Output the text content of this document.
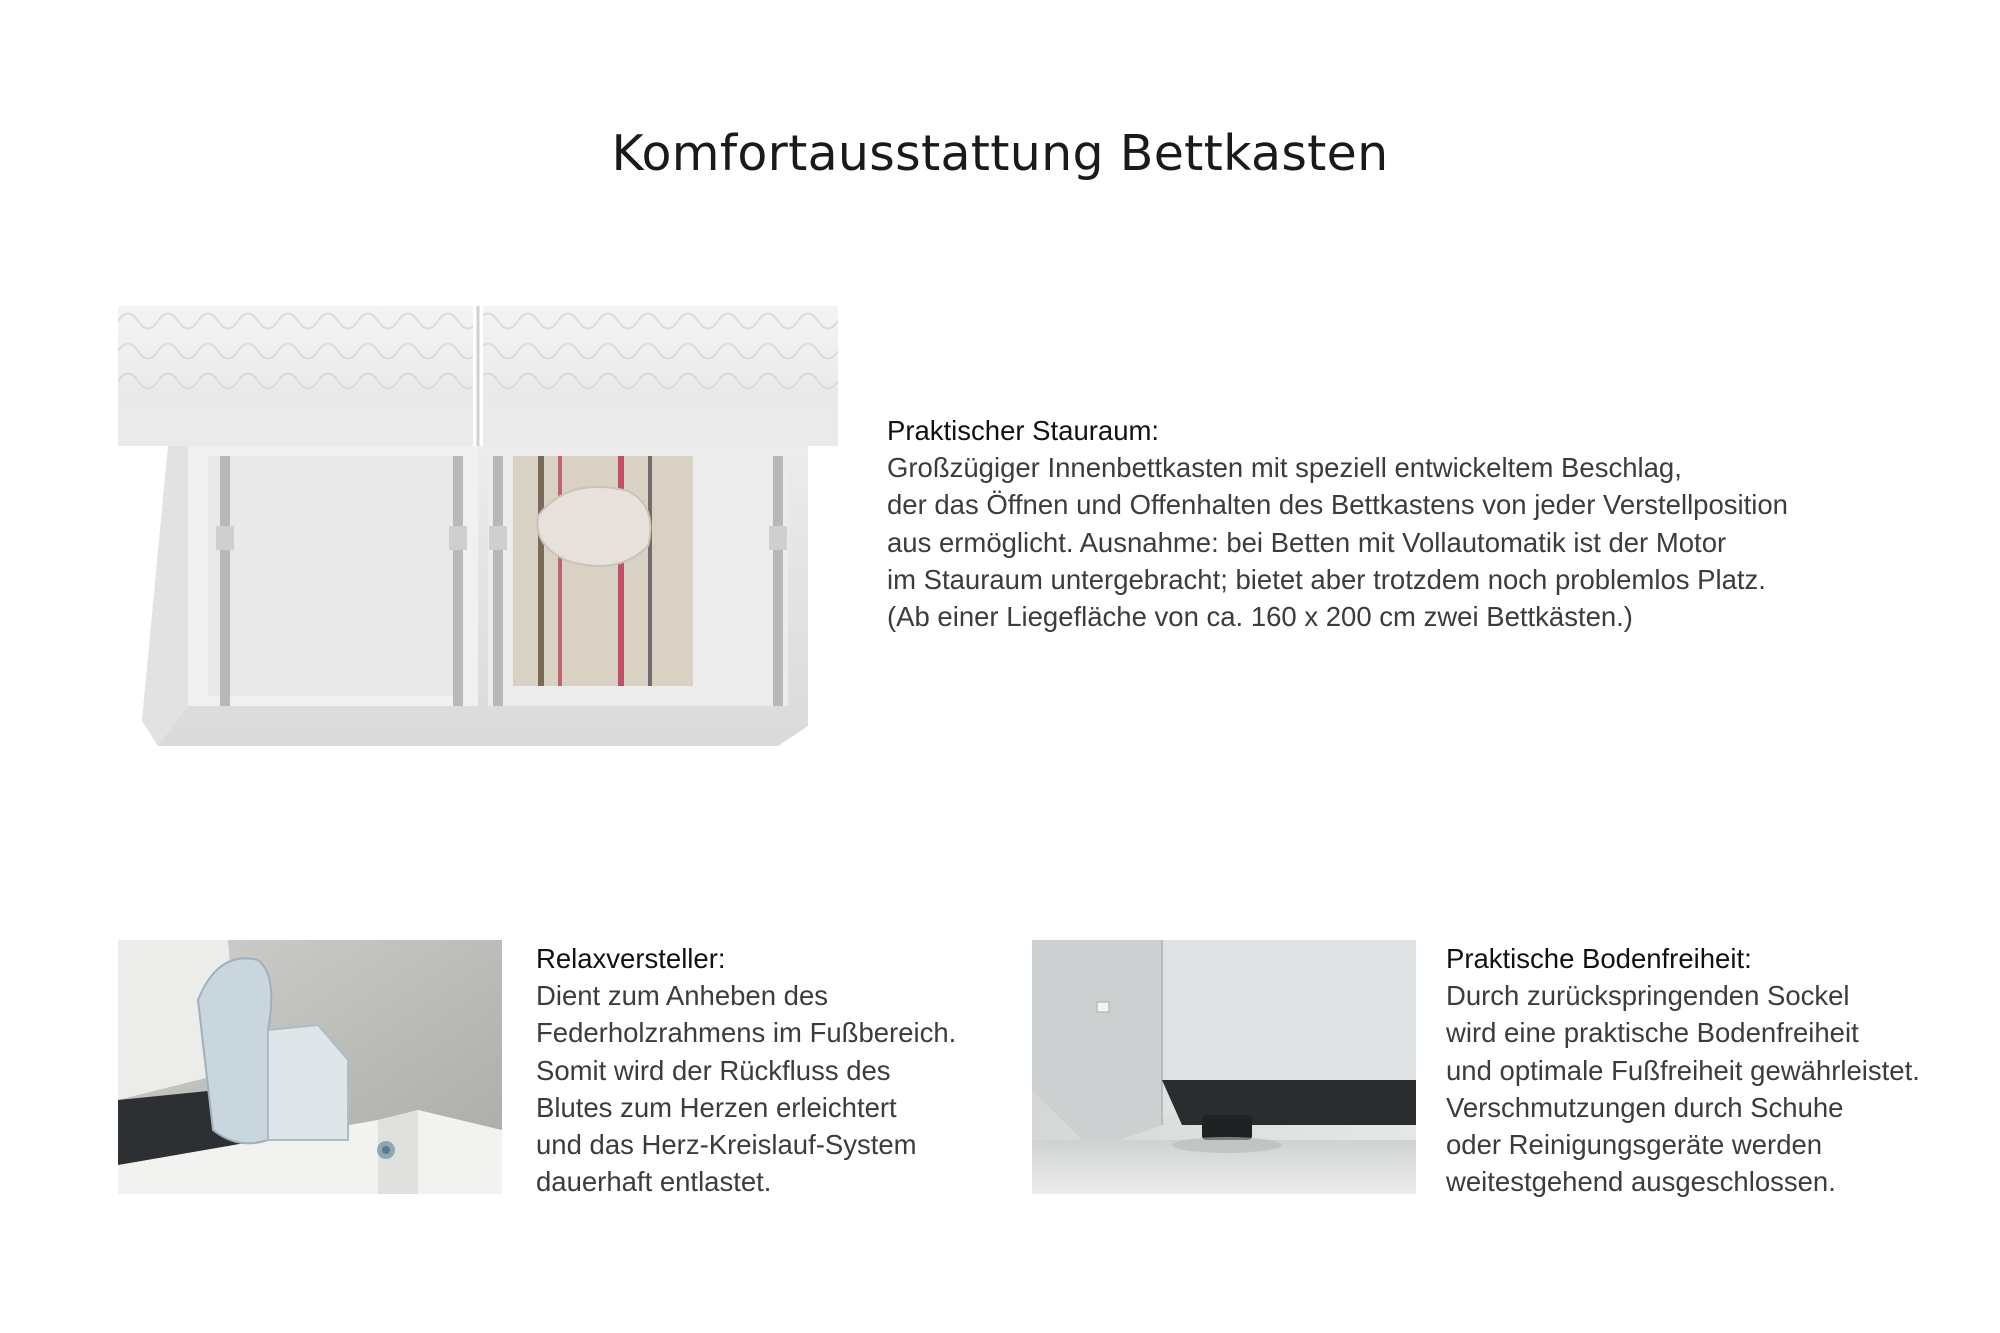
Komfortausstattung Bettkasten
Praktischer Stauraum:
Großzügiger Innenbettkasten mit speziell entwickeltem Beschlag,
der das Öffnen und Offenhalten des Bettkastens von jeder Verstellposition
aus ermöglicht. Ausnahme: bei Betten mit Vollautomatik ist der Motor
im Stauraum untergebracht; bietet aber trotzdem noch problemlos Platz.
(Ab einer Liegefläche von ca. 160 x 200 cm zwei Bettkästen.)
Relaxversteller:
Dient zum Anheben des
Federholzrahmens im Fußbereich.
Somit wird der Rückfluss des
Blutes zum Herzen erleichtert
und das Herz-Kreislauf-System
dauerhaft entlastet.
Praktische Bodenfreiheit:
Durch zurückspringenden Sockel
wird eine praktische Bodenfreiheit
und optimale Fußfreiheit gewährleistet.
Verschmutzungen durch Schuhe
oder Reinigungsgeräte werden
weitestgehend ausgeschlossen.
